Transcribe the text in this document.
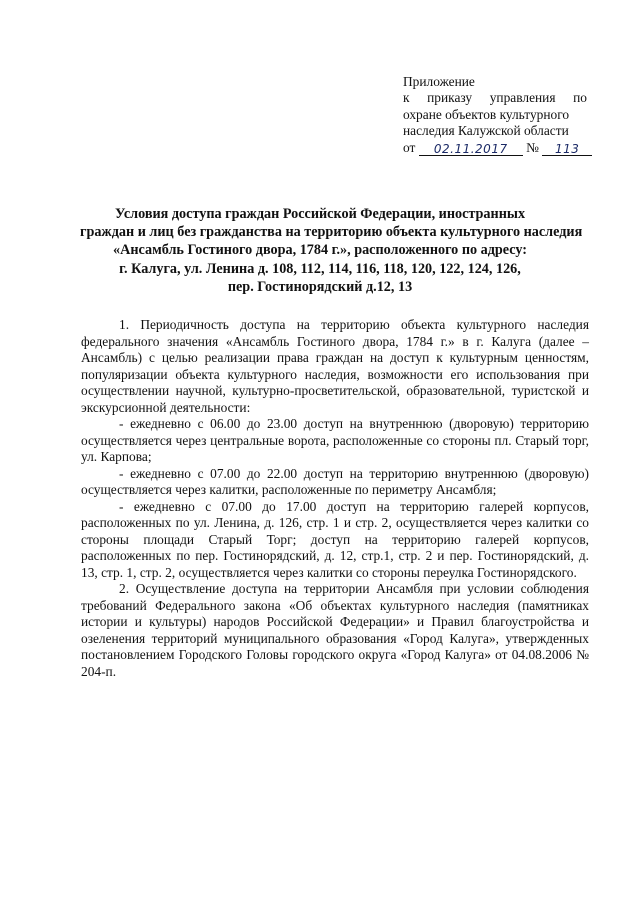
Приложение
к приказу управления по
охране объектов культурного
наследия Калужской области
от 02.11.2017 № 113
Условия доступа граждан Российской Федерации, иностранных
граждан и лиц без гражданства на территорию объекта культурного наследия
«Ансамбль Гостиного двора, 1784 г.», расположенного по адресу:
г. Калуга, ул. Ленина д. 108, 112, 114, 116, 118, 120, 122, 124, 126,
пер. Гостинорядский д.12, 13

1. Периодичность доступа на территорию объекта культурного наследия федерального значения «Ансамбль Гостиного двора, 1784 г.» в г. Калуга (далее – Ансамбль) с целью реализации права граждан на доступ к культурным ценностям, популяризации объекта культурного наследия, возможности его использования при осуществлении научной, культурно-просветительской, образовательной, туристской и экскурсионной деятельности:

- ежедневно с 06.00 до 23.00 доступ на внутреннюю (дворовую) территорию осуществляется через центральные ворота, расположенные со стороны пл. Старый торг, ул. Карпова;

- ежедневно с 07.00 до 22.00 доступ на территорию внутреннюю (дворовую) осуществляется через калитки, расположенные по периметру Ансамбля;

- ежедневно с 07.00 до 17.00 доступ на территорию галерей корпусов, расположенных по ул. Ленина, д. 126, стр. 1 и стр. 2, осуществляется через калитки со стороны площади Старый Торг; доступ на территорию галерей корпусов, расположенных по пер. Гостинорядский, д. 12, стр.1, стр. 2 и пер. Гостинорядский, д. 13, стр. 1, стр. 2, осуществляется через калитки со стороны переулка Гостинорядского.

2. Осуществление доступа на территории Ансамбля при условии соблюдения требований Федерального закона «Об объектах культурного наследия (памятниках истории и культуры) народов Российской Федерации» и Правил благоустройства и озеленения территорий муниципального образования «Город Калуга», утвержденных постановлением Городского Головы городского округа «Город Калуга» от 04.08.2006 № 204-п.
